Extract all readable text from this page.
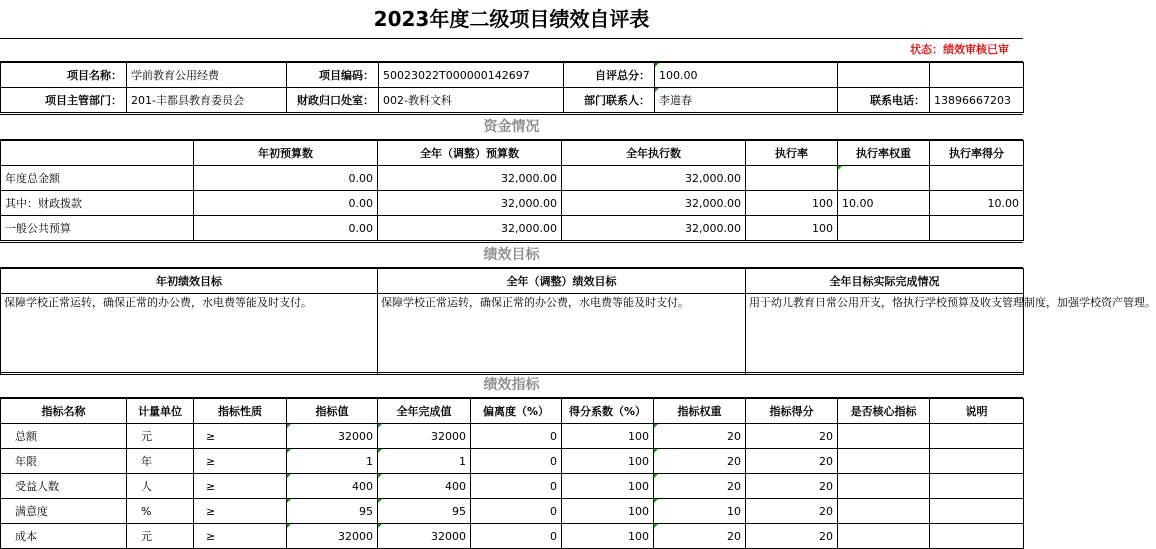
2023年度二级项目绩效自评表
状态：绩效审核已审
项目名称：	学前教育公用经费	项目编码：	50023022T000000142697	自评总分：	100.00		
项目主管部门：	201-丰都县教育委员会	财政归口处室：	002-教科文科	部门联系人：	李道春	联系电话：	13896667203
资金情况
	年初预算数	全年（调整）预算数	全年执行数	执行率	执行率权重	执行率得分
年度总金额	0.00	32,000.00	32,000.00			
其中：财政拨款	0.00	32,000.00	32,000.00	100	10.00	10.00
一般公共预算	0.00	32,000.00	32,000.00	100		
绩效目标
年初绩效目标	全年（调整）绩效目标	全年目标实际完成情况
保障学校正常运转，确保正常的办公费，水电费等能及时支付。	保障学校正常运转，确保正常的办公费，水电费等能及时支付。	用于幼儿教育日常公用开支，恪执行学校预算及收支管理制度，加强学校资产管理。
绩效指标
指标名称	计量单位	指标性质	指标值	全年完成值	偏离度（%）	得分系数（%）	指标权重	指标得分	是否核心指标	说明
总额	元	≥	32000	32000	0	100	20	20		
年限	年	≥	1	1	0	100	20	20		
受益人数	人	≥	400	400	0	100	20	20		
满意度	%	≥	95	95	0	100	10	20		
成本	元	≥	32000	32000	0	100	20	20		
